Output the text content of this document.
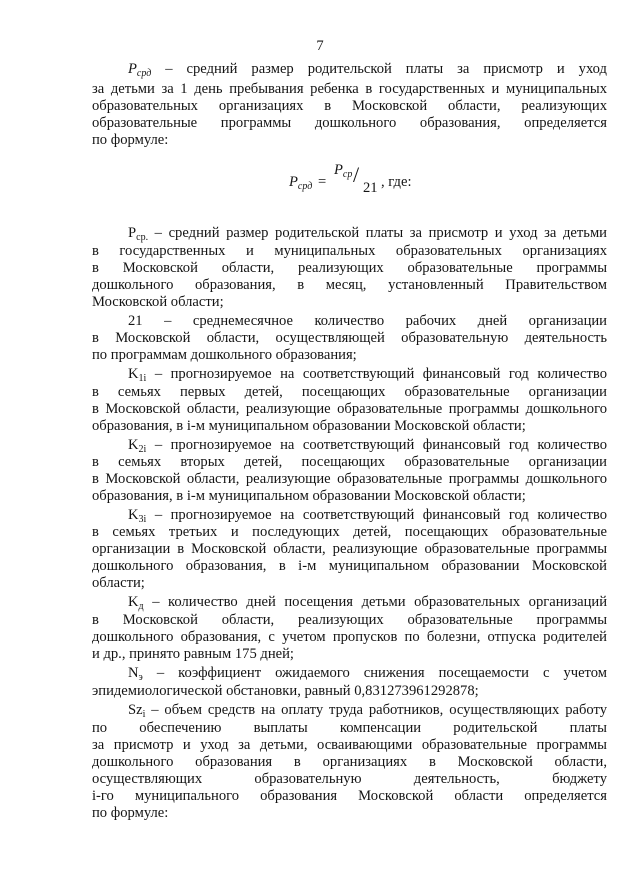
7
$P_{срд}$ – средний размер родительской платы за присмотр и уход
за детьми за 1 день пребывания ребенка в государственных и муниципальных
образовательных организациях в Московской области, реализующих
образовательные программы дошкольного образования, определяется
по формуле:
$P_{срд}$ =
$P_{ср}$ /
21 , где:
$P_{ср.}$ – средний размер родительской платы за присмотр и уход за детьми
в государственных и муниципальных образовательных организациях
в Московской области, реализующих образовательные программы
дошкольного образования, в месяц, установленный Правительством
Московской области;
21 – среднемесячное количество рабочих дней организации
в Московской области, осуществляющей образовательную деятельность
по программам дошкольного образования;
$K_{1i}$ – прогнозируемое на соответствующий финансовый год количество
в семьях первых детей, посещающих образовательные организации
в Московской области, реализующие образовательные программы дошкольного
образования, в i-м муниципальном образовании Московской области;
$K_{2i}$ – прогнозируемое на соответствующий финансовый год количество
в семьях вторых детей, посещающих образовательные организации
в Московской области, реализующие образовательные программы дошкольного
образования, в i-м муниципальном образовании Московской области;
$K_{3i}$ – прогнозируемое на соответствующий финансовый год количество
в семьях третьих и последующих детей, посещающих образовательные
организации в Московской области, реализующие образовательные программы
дошкольного образования, в i-м муниципальном образовании Московской
области;
$K_д$ – количество дней посещения детьми образовательных организаций
в Московской области, реализующих образовательные программы
дошкольного образования, с учетом пропусков по болезни, отпуска родителей
и др., принято равным 175 дней;
$N_э$ – коэффициент ожидаемого снижения посещаемости с учетом
эпидемиологической обстановки, равный 0,831273961292878;
$Sz_i$ – объем средств на оплату труда работников, осуществляющих работу
по обеспечению выплаты компенсации родительской платы
за присмотр и уход за детьми, осваивающими образовательные программы
дошкольного образования в организациях в Московской области,
осуществляющих образовательную деятельность, бюджету
i-го муниципального образования Московской области определяется
по формуле:
